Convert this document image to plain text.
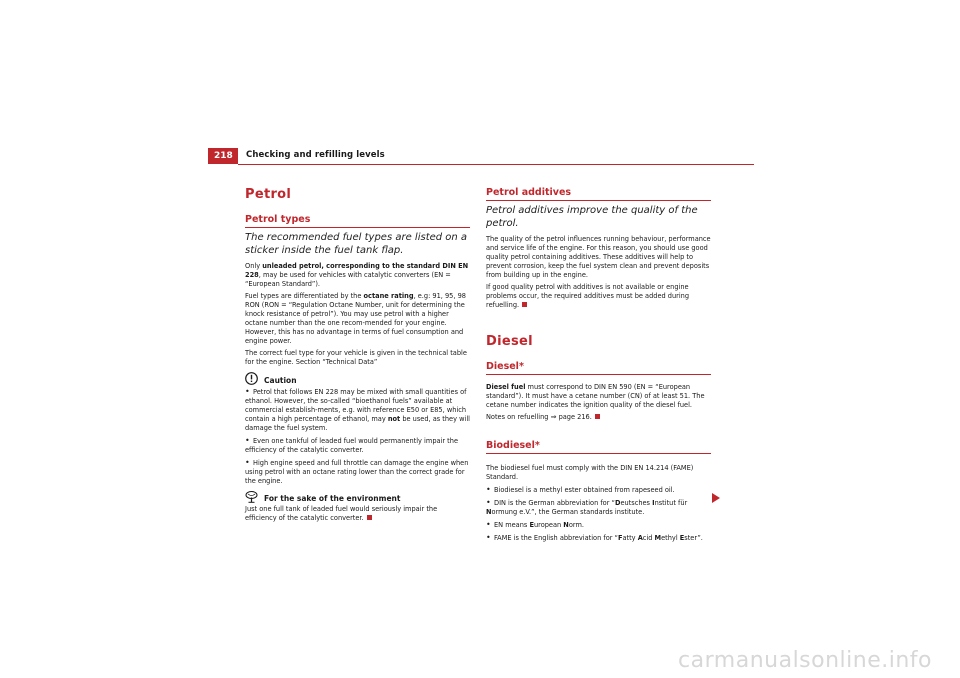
218	Checking and refilling levels
Petrol
Petrol types
The recommended fuel types are listed on a sticker inside the fuel tank flap.

Only unleaded petrol, corresponding to the standard DIN EN 228, may be used for vehicles with catalytic converters (EN = “European Standard”).

Fuel types are differentiated by the octane rating, e.g: 91, 95, 98 RON (RON = “Regulation Octane Number, unit for determining the knock resistance of petrol”). You may use petrol with a higher octane number than the one recom-mended for your engine. However, this has no advantage in terms of fuel consumption and engine power.

The correct fuel type for your vehicle is given in the technical table for the engine. Section “Technical Data”

Caution
• Petrol that follows EN 228 may be mixed with small quantities of ethanol. However, the so-called “bioethanol fuels” available at commercial establish-ments, e.g. with reference E50 or E85, which contain a high percentage of ethanol, may not be used, as they will damage the fuel system.
• Even one tankful of leaded fuel would permanently impair the efficiency of the catalytic converter.
• High engine speed and full throttle can damage the engine when using petrol with an octane rating lower than the correct grade for the engine.
For the sake of the environment

Just one full tank of leaded fuel would seriously impair the efficiency of the catalytic converter.

Petrol additives
Petrol additives improve the quality of the petrol.

The quality of the petrol influences running behaviour, performance and service life of the engine. For this reason, you should use good quality petrol containing additives. These additives will help to prevent corrosion, keep the fuel system clean and prevent deposits from building up in the engine.

If good quality petrol with additives is not available or engine problems occur, the required additives must be added during refuelling.

Diesel
Diesel*

Diesel fuel must correspond to DIN EN 590 (EN = “European standard”). It must have a cetane number (CN) of at least 51. The cetane number indicates the ignition quality of the diesel fuel.

Notes on refuelling ⇒ page 216.

Biodiesel*

The biodiesel fuel must comply with the DIN EN 14.214 (FAME) Standard.

• Biodiesel is a methyl ester obtained from rapeseed oil.
• DIN is the German abbreviation for “Deutsches Institut für Normung e.V.”, the German standards institute.
• EN means European Norm.
• FAME is the English abbreviation for “Fatty Acid Methyl Ester”.
carmanualsonline.info
